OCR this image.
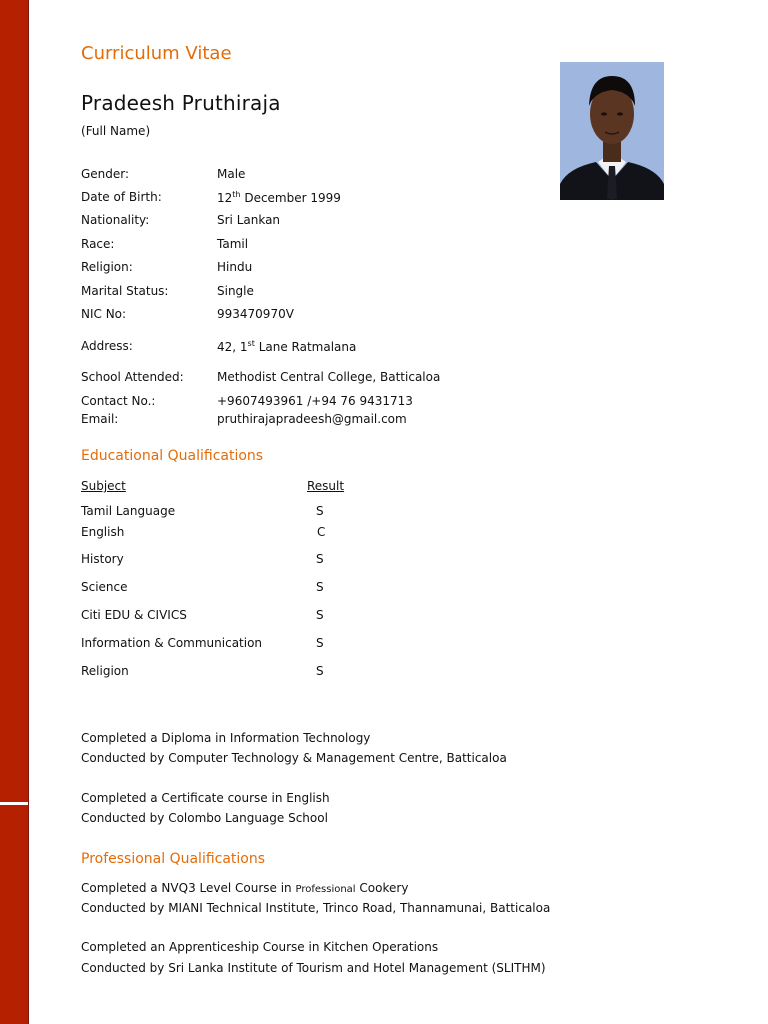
Curriculum Vitae
Pradeesh Pruthiraja
(Full Name)
Gender:	Male
Date of Birth:	12th December 1999
Nationality:	Sri Lankan
Race:	Tamil
Religion:	Hindu
Marital Status:	Single
NIC No:	993470970V
Address:	42, 1st Lane Ratmalana
School Attended:	Methodist Central College, Batticaloa
Contact No.:	+9607493961 /+94 76 9431713
Email:	pruthirajapradeesh@gmail.com
Educational Qualifications
Subject	Result
Tamil Language	S
English	C
History	S
Science	S
Citi EDU & CIVICS	S
Information & Communication	S
Religion	S
Completed a Diploma in Information Technology
Conducted by Computer Technology & Management Centre, Batticaloa
Completed a Certificate course in English
Conducted by Colombo Language School
Professional Qualifications
Completed a NVQ3 Level Course in Professional Cookery
Conducted by MIANI Technical Institute, Trinco Road, Thannamunai, Batticaloa
Completed an Apprenticeship Course in Kitchen Operations
Conducted by Sri Lanka Institute of Tourism and Hotel Management (SLITHM)
